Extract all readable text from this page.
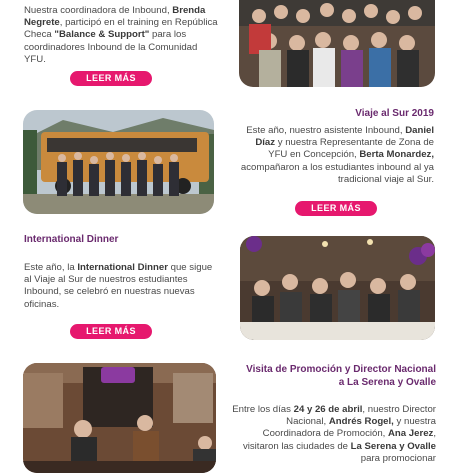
Nuestra coordinadora de Inbound, Brenda Negrete, participó en el training en República Checa "Balance & Support" para los coordinadores Inbound de la Comunidad YFU.
LEER MÁS
Viaje al Sur 2019
Este año, nuestro asistente Inbound, Daniel Díaz y nuestra Representante de Zona de YFU en Concepción, Berta Monardez, acompañaron a los estudiantes inbound al ya tradicional viaje al Sur.
LEER MÁS
International Dinner
Este año, la International Dinner que sigue al Viaje al Sur de nuestros estudiantes Inbound, se celebró en nuestras nuevas oficinas.
LEER MÁS
Visita de Promoción y Director Nacional
a La Serena y Ovalle
Entre los días 24 y 26 de abril, nuestro Director Nacional, Andrés Rogel, y nuestra Coordinadora de Promoción, Ana Jerez, visitaron las ciudades de La Serena y Ovalle para promocionar
